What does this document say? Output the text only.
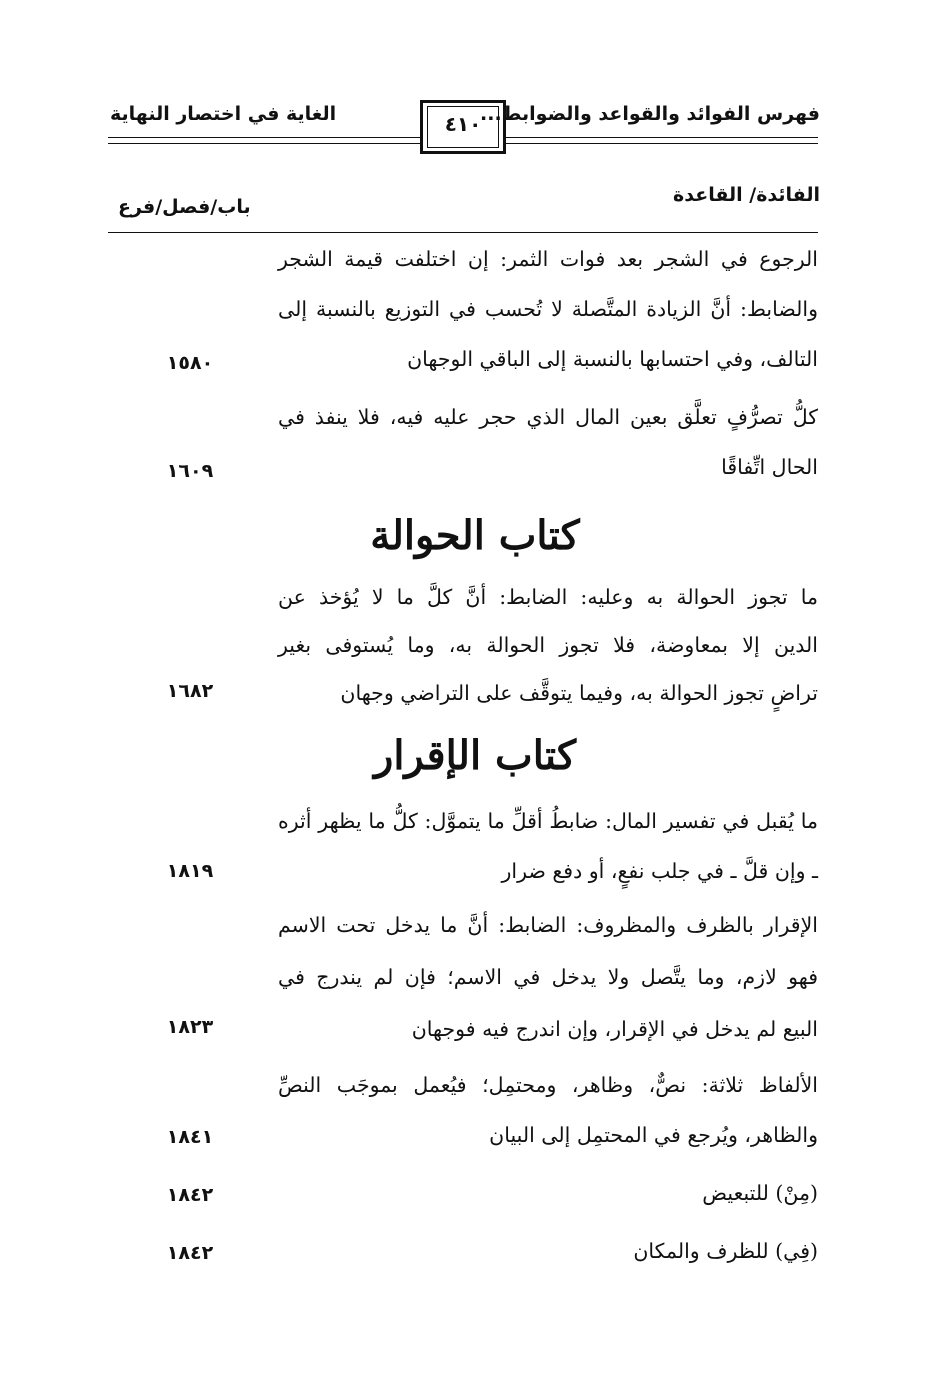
فهرس الفوائد والقواعد والضوابط...
الغاية في اختصار النهاية	٤١٠
الفائدة/ القاعدة
باب/فصل/فرع
الرجوع في الشجر بعد فوات الثمر: إن اختلفت قيمة الشجر
والضابط: أنَّ الزيادة المتَّصلة لا تُحسب في التوزيع بالنسبة إلى
التالف، وفي احتسابها بالنسبة إلى الباقي الوجهان
١٥٨٠
كلُّ تصرُّفٍ تعلَّق بعين المال الذي حجر عليه فيه، فلا ينفذ في
الحال اتِّفاقًا
١٦٠٩
كتاب الحوالة
ما تجوز الحوالة به وعليه: الضابط: أنَّ كلَّ ما لا يُؤخذ عن
الدين إلا بمعاوضة، فلا تجوز الحوالة به، وما يُستوفى بغير
تراضٍ تجوز الحوالة به، وفيما يتوقَّف على التراضي وجهان
١٦٨٢
كتاب الإقرار
ما يُقبل في تفسير المال: ضابطُ أقلِّ ما يتموَّل: كلُّ ما يظهر أثره
ـ وإن قلَّ ـ في جلب نفعٍ، أو دفع ضرار
١٨١٩
الإقرار بالظرف والمظروف: الضابط: أنَّ ما يدخل تحت الاسم
فهو لازم، وما يتَّصل ولا يدخل في الاسم؛ فإن لم يندرج في
البيع لم يدخل في الإقرار، وإن اندرج فيه فوجهان
١٨٢٣
الألفاظ ثلاثة: نصٌّ، وظاهر، ومحتمِل؛ فيُعمل بموجَب النصِّ
والظاهر، ويُرجع في المحتمِل إلى البيان
١٨٤١
(مِنْ) للتبعيض
١٨٤٢
(فِي) للظرف والمكان
١٨٤٢
